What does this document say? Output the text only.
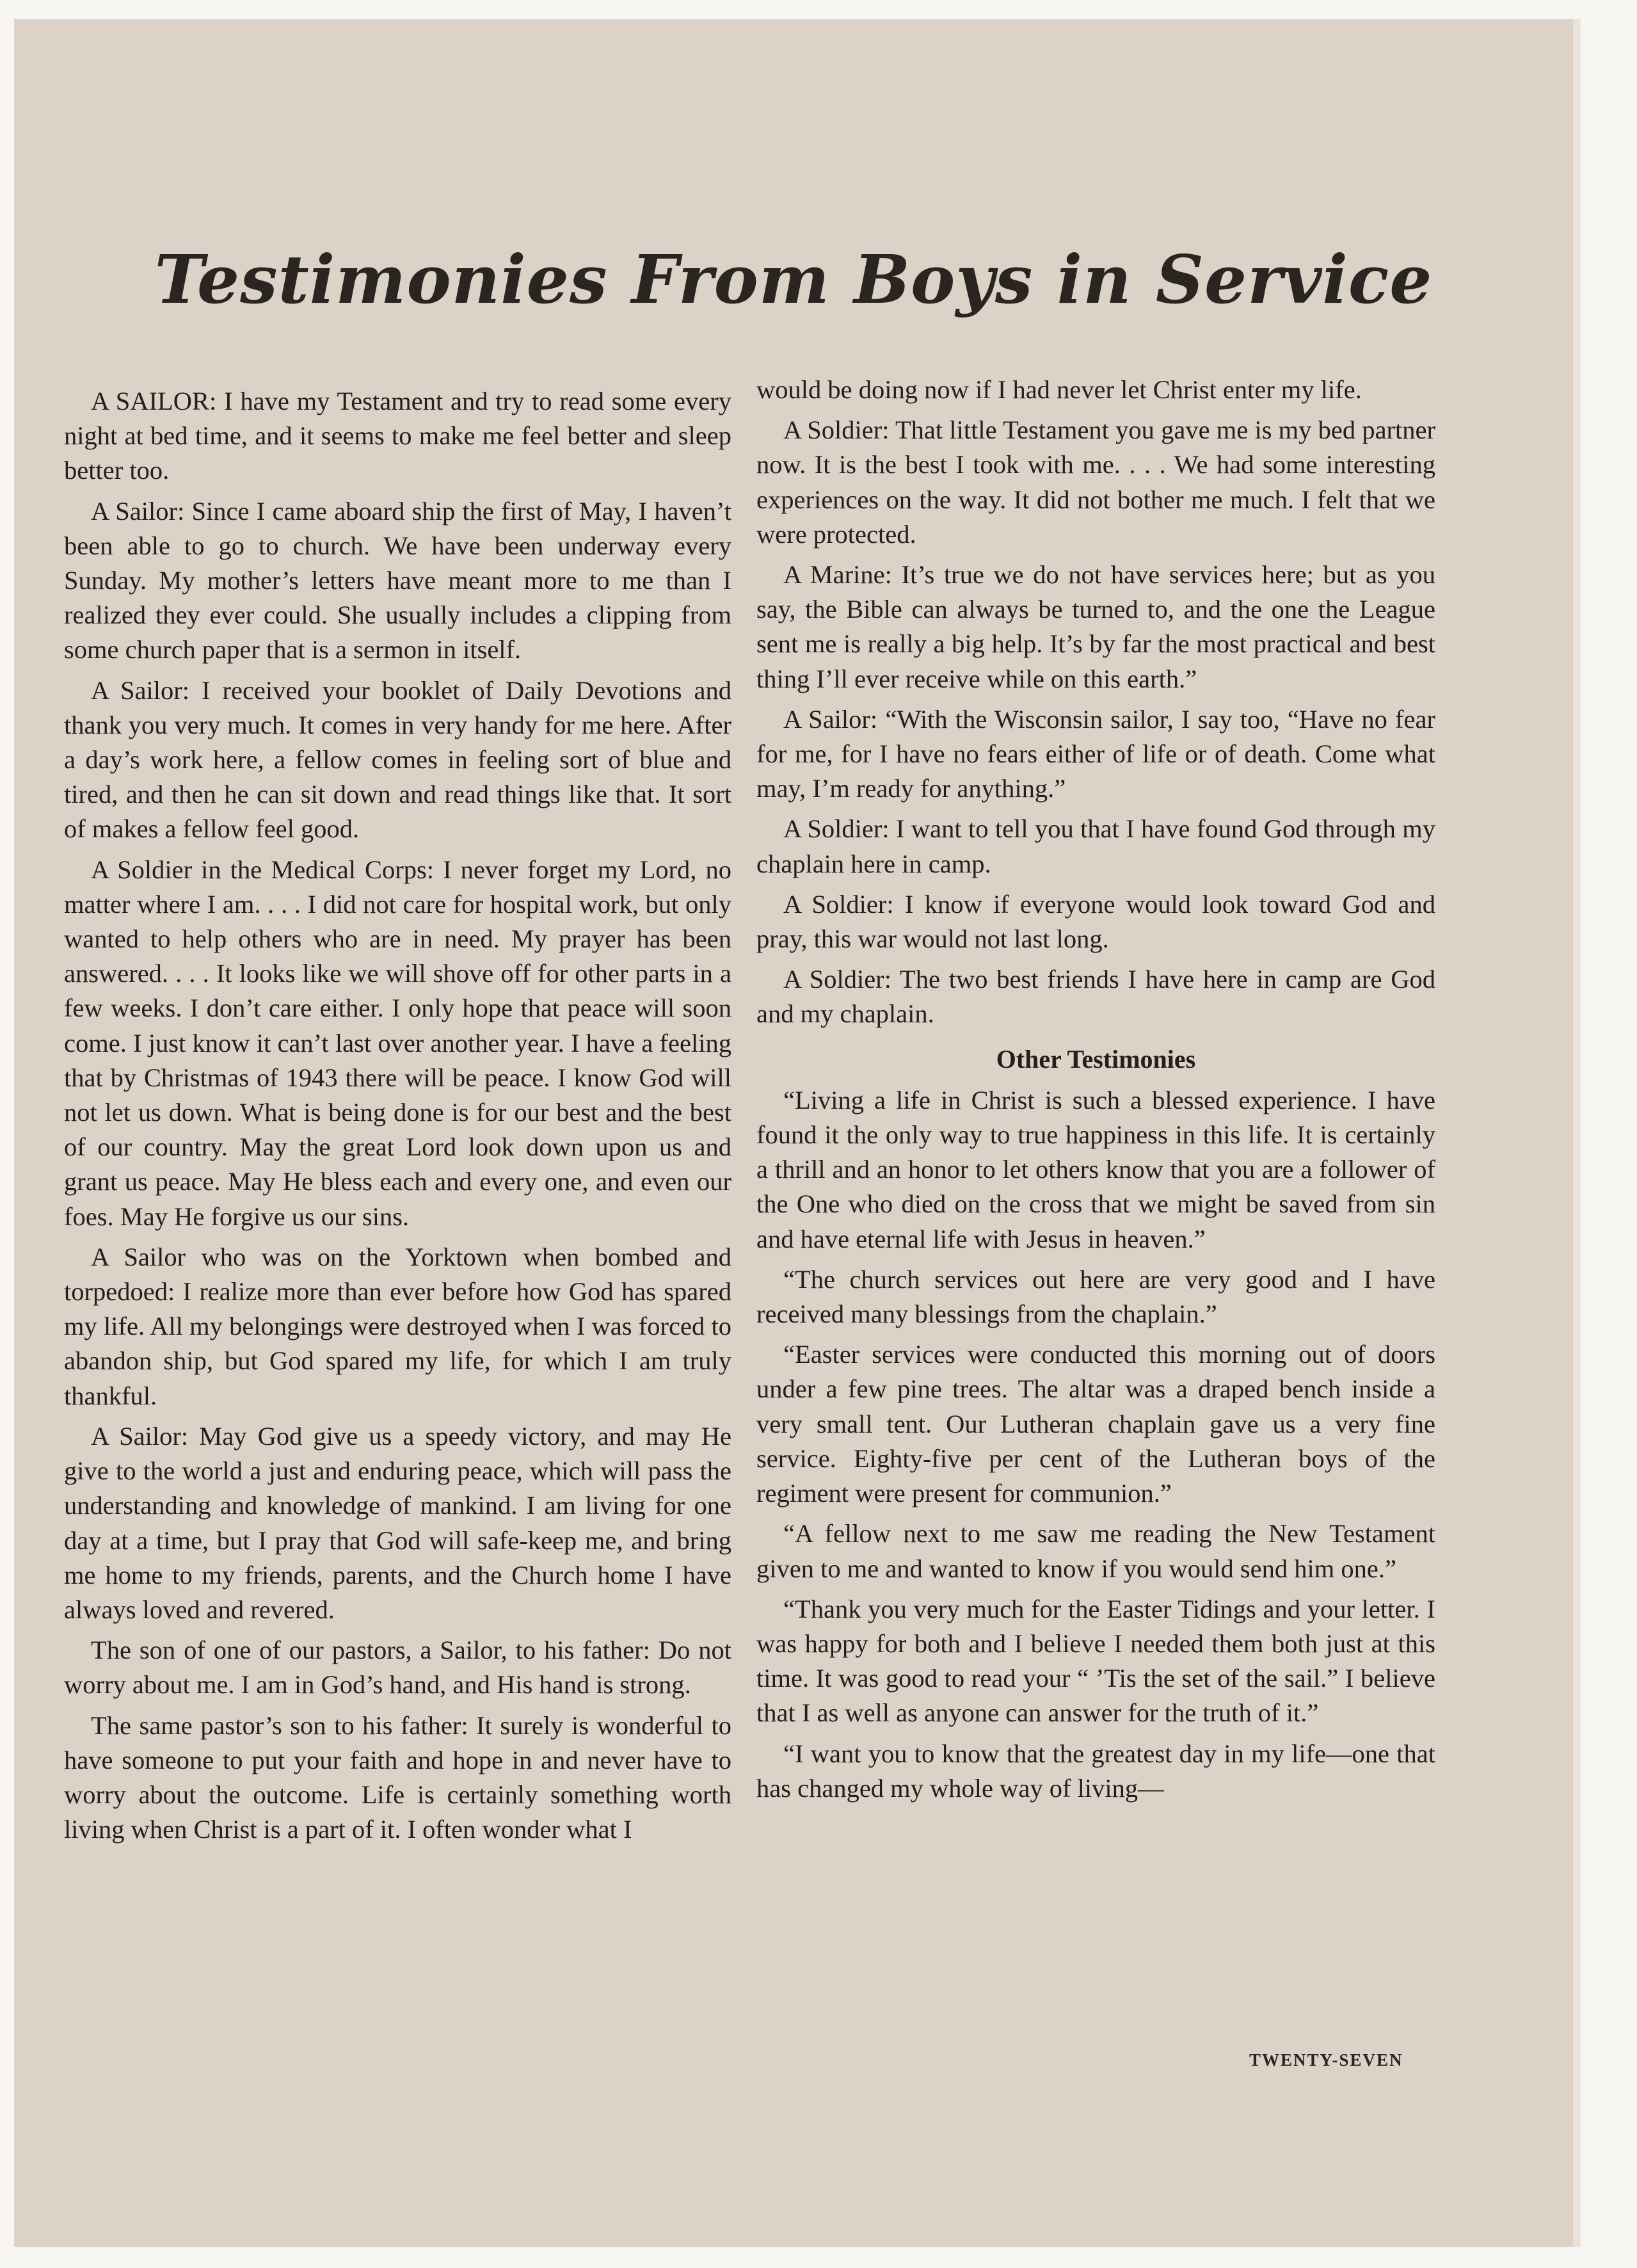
Testimonies From Boys in Service

A SAILOR: I have my Testament and try to read some every night at bed time, and it seems to make me feel better and sleep better too.

A Sailor: Since I came aboard ship the first of May, I haven’t been able to go to church. We have been underway every Sunday. My mother’s letters have meant more to me than I realized they ever could. She usually includes a clipping from some church paper that is a sermon in itself.

A Sailor: I received your booklet of Daily Devotions and thank you very much. It comes in very handy for me here. After a day’s work here, a fellow comes in feeling sort of blue and tired, and then he can sit down and read things like that. It sort of makes a fellow feel good.

A Soldier in the Medical Corps: I never forget my Lord, no matter where I am. . . . I did not care for hospital work, but only wanted to help others who are in need. My prayer has been answered. . . . It looks like we will shove off for other parts in a few weeks. I don’t care either. I only hope that peace will soon come. I just know it can’t last over another year. I have a feeling that by Christmas of 1943 there will be peace. I know God will not let us down. What is being done is for our best and the best of our country. May the great Lord look down upon us and grant us peace. May He bless each and every one, and even our foes. May He forgive us our sins.

A Sailor who was on the Yorktown when bombed and torpedoed: I realize more than ever before how God has spared my life. All my belongings were destroyed when I was forced to abandon ship, but God spared my life, for which I am truly thankful.

A Sailor: May God give us a speedy victory, and may He give to the world a just and enduring peace, which will pass the understanding and knowledge of mankind. I am living for one day at a time, but I pray that God will safe-keep me, and bring me home to my friends, parents, and the Church home I have always loved and revered.

The son of one of our pastors, a Sailor, to his father: Do not worry about me. I am in God’s hand, and His hand is strong.

The same pastor’s son to his father: It surely is wonderful to have someone to put your faith and hope in and never have to worry about the outcome. Life is certainly something worth living when Christ is a part of it. I often wonder what I

would be doing now if I had never let Christ enter my life.

A Soldier: That little Testament you gave me is my bed partner now. It is the best I took with me. . . . We had some interesting experiences on the way. It did not bother me much. I felt that we were protected.

A Marine: It’s true we do not have services here; but as you say, the Bible can always be turned to, and the one the League sent me is really a big help. It’s by far the most practical and best thing I’ll ever receive while on this earth.”

A Sailor: “With the Wisconsin sailor, I say too, “Have no fear for me, for I have no fears either of life or of death. Come what may, I’m ready for anything.”

A Soldier: I want to tell you that I have found God through my chaplain here in camp.

A Soldier: I know if everyone would look toward God and pray, this war would not last long.

A Soldier: The two best friends I have here in camp are God and my chaplain.

Other Testimonies

“Living a life in Christ is such a blessed experience. I have found it the only way to true happiness in this life. It is certainly a thrill and an honor to let others know that you are a follower of the One who died on the cross that we might be saved from sin and have eternal life with Jesus in heaven.”

“The church services out here are very good and I have received many blessings from the chaplain.”

“Easter services were conducted this morning out of doors under a few pine trees. The altar was a draped bench inside a very small tent. Our Lutheran chaplain gave us a very fine service. Eighty-five per cent of the Lutheran boys of the regiment were present for communion.”

“A fellow next to me saw me reading the New Testament given to me and wanted to know if you would send him one.”

“Thank you very much for the Easter Tidings and your letter. I was happy for both and I believe I needed them both just at this time. It was good to read your “ ’Tis the set of the sail.” I believe that I as well as anyone can answer for the truth of it.”

“I want you to know that the greatest day in my life—one that has changed my whole way of living—

TWENTY-SEVEN
